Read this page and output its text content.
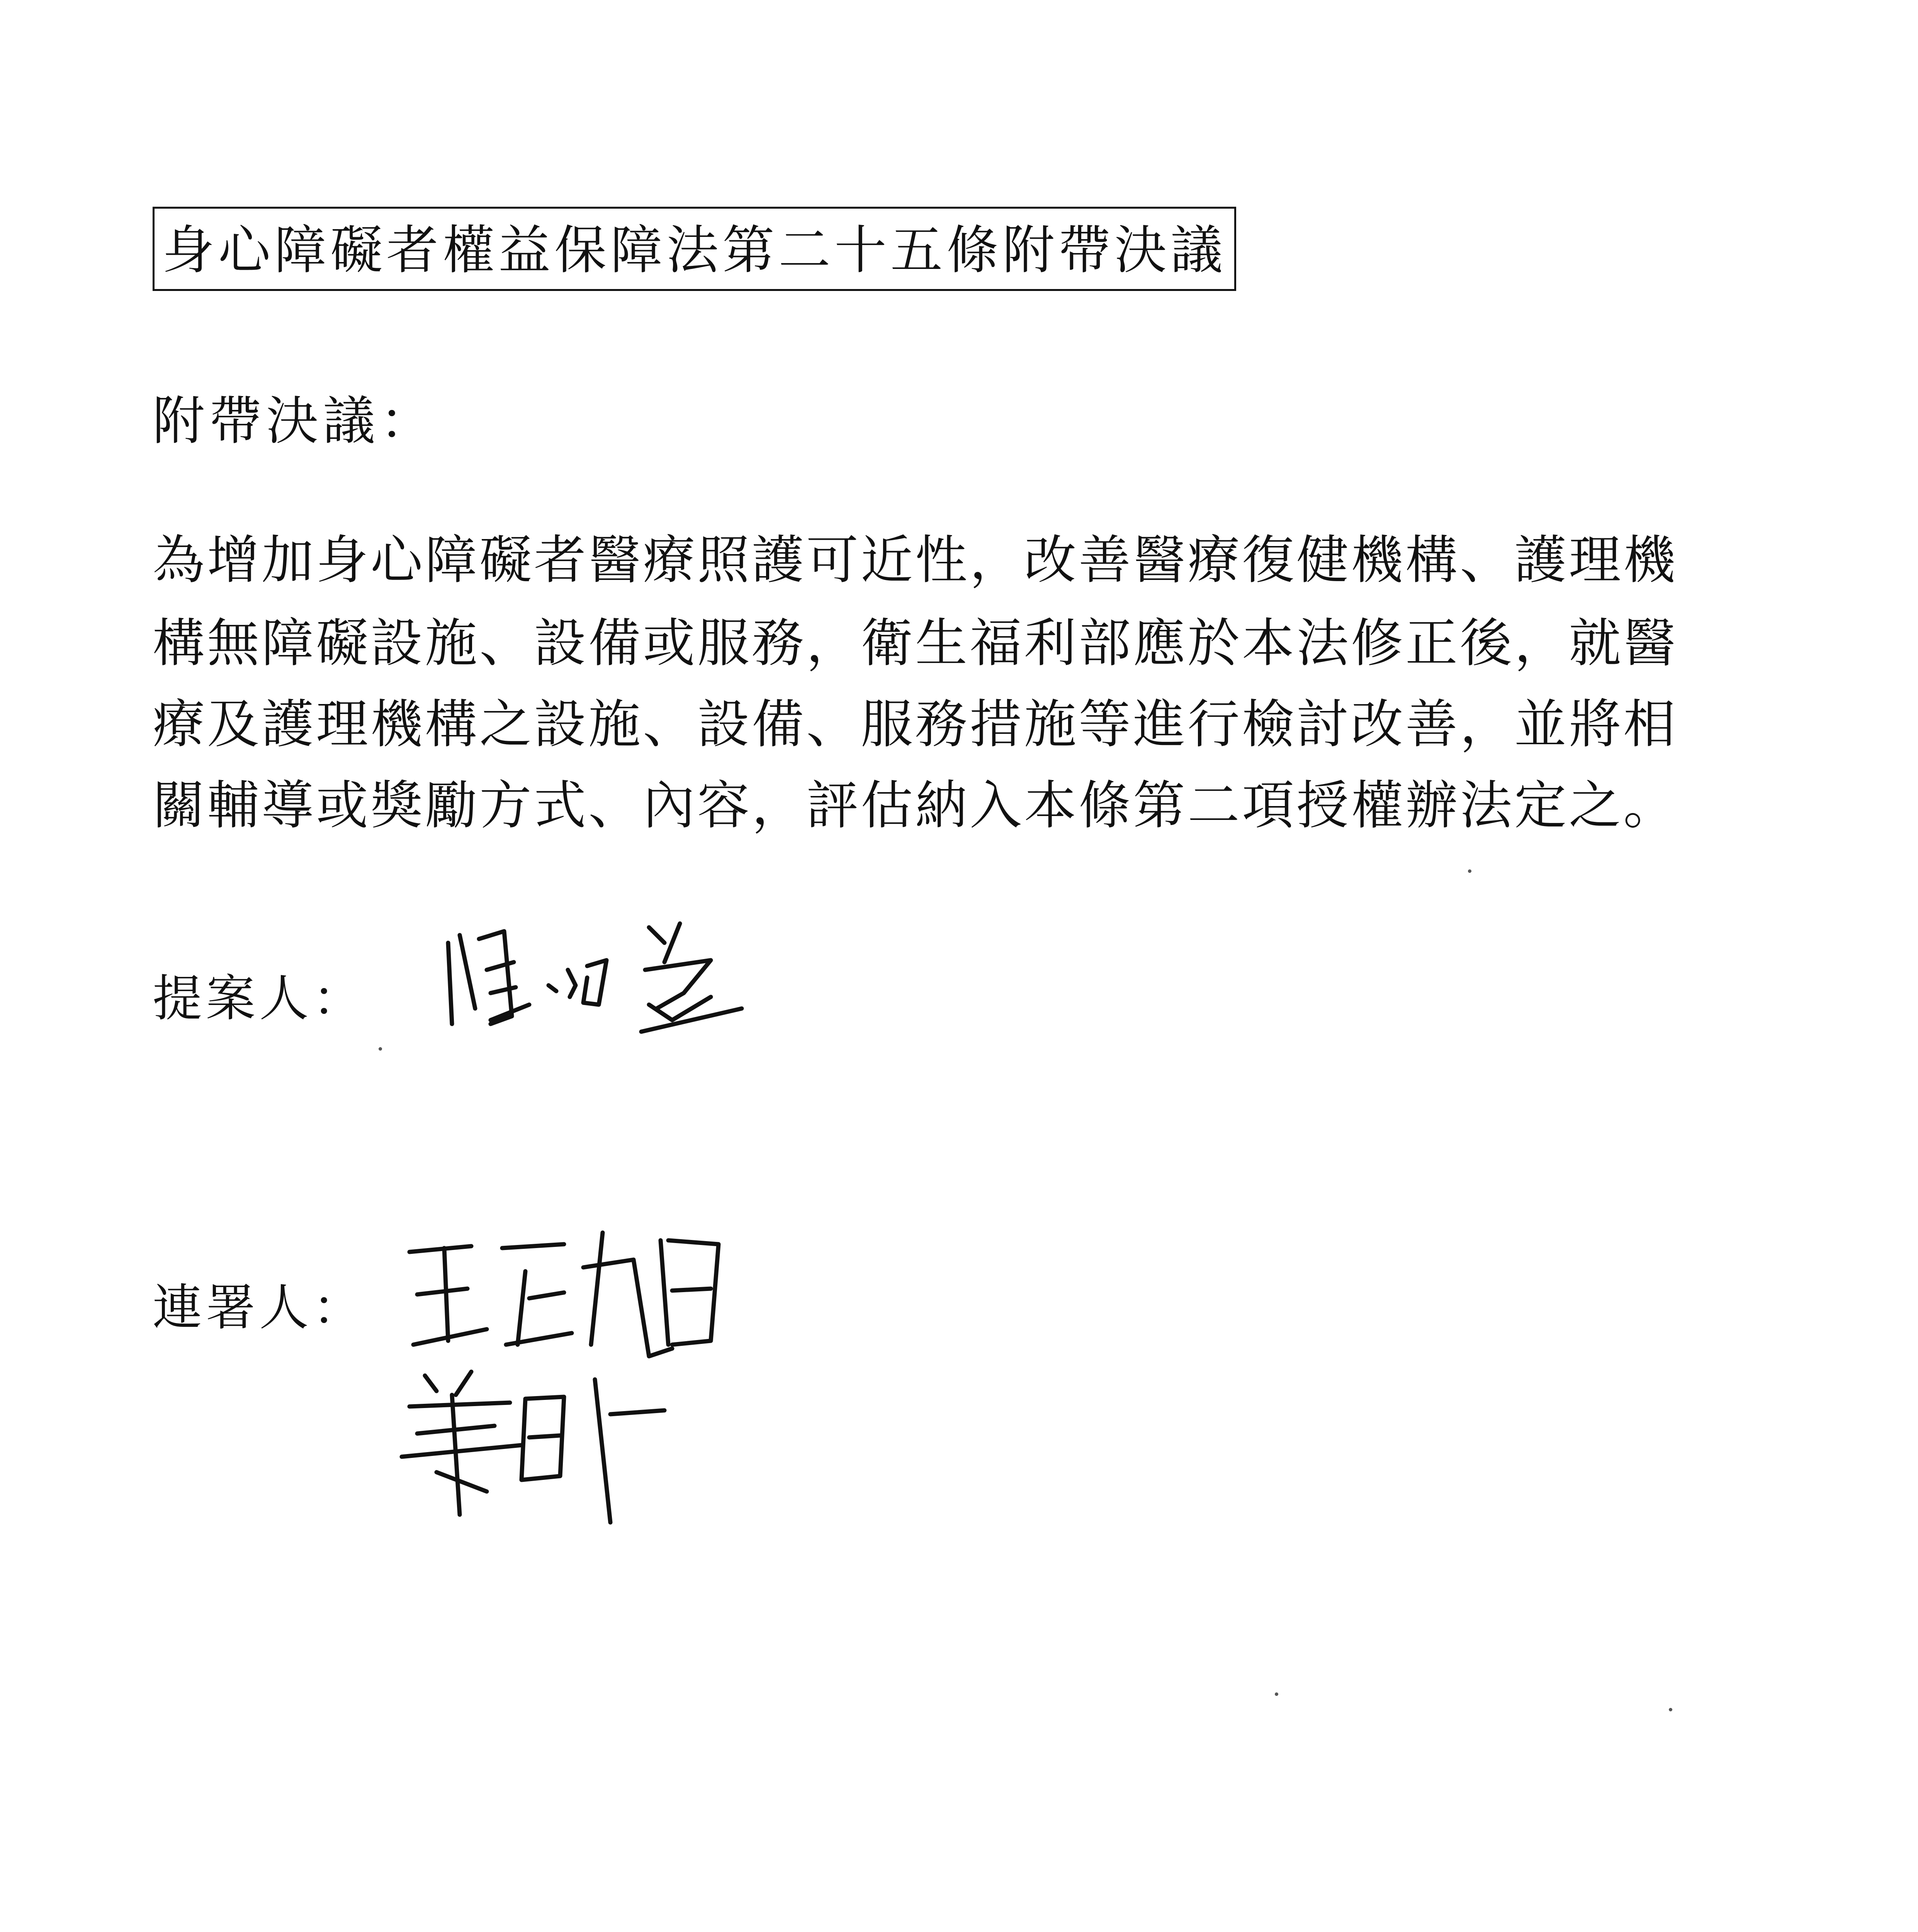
身心障礙者權益保障法第二十五條附帶決議
附帶決議：
為增加身心障礙者醫療照護可近性，改善醫療復健機構、護理機
構無障礙設施、設備或服務，衛生福利部應於本法修正後，就醫
療及護理機構之設施、設備、服務措施等進行檢討改善，並將相
關輔導或獎勵方式、內容，評估納入本條第二項授權辦法定之。
提案人：
連署人：
